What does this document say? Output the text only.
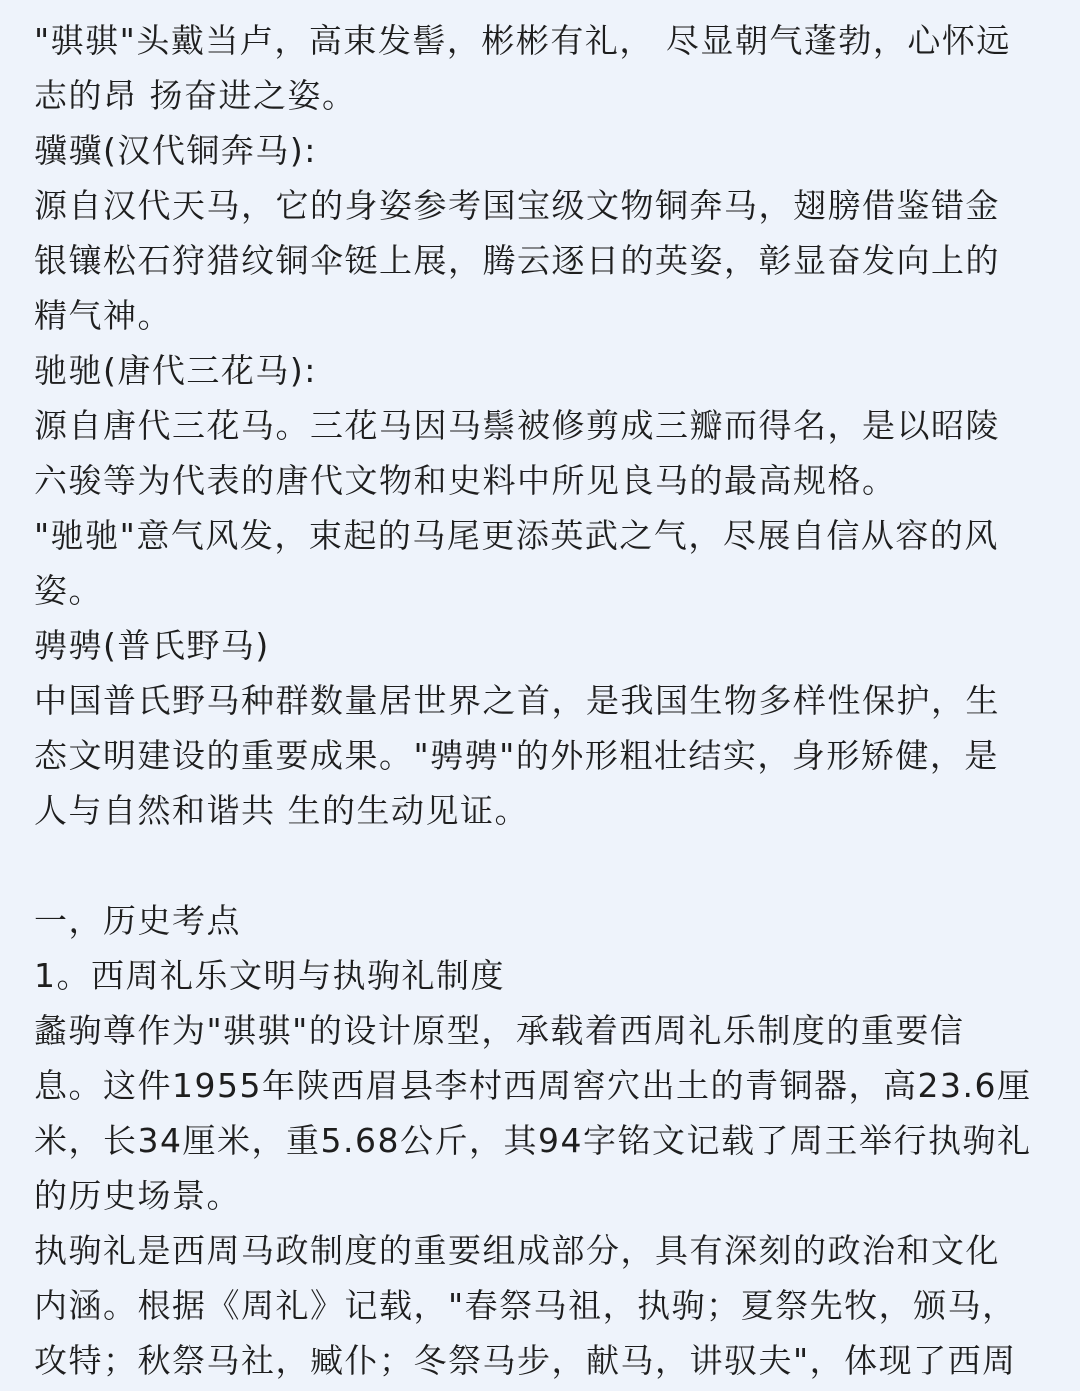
"骐骐"头戴当卢，高束发髻，彬彬有礼， 尽显朝气蓬勃，心怀远
志的昂 扬奋进之姿。
骥骥(汉代铜奔马):
源自汉代天马，它的身姿参考国宝级文物铜奔马，翅膀借鉴错金
银镶松石狩猎纹铜伞铤上展，腾云逐日的英姿，彰显奋发向上的
精气神。
驰驰(唐代三花马):
源自唐代三花马。三花马因马鬃被修剪成三瓣而得名，是以昭陵
六骏等为代表的唐代文物和史料中所见良马的最高规格。
"驰驰"意气风发，束起的马尾更添英武之气，尽展自信从容的风
姿。
骋骋(普氏野马)
中国普氏野马种群数量居世界之首，是我国生物多样性保护，生
态文明建设的重要成果。"骋骋"的外形粗壮结实，身形矫健，是
人与自然和谐共 生的生动见证。
一，历史考点
1。西周礼乐文明与执驹礼制度
蠡驹尊作为"骐骐"的设计原型，承载着西周礼乐制度的重要信
息。这件1955年陕西眉县李村西周窖穴出土的青铜器，高23.6厘
米，长34厘米，重5.68公斤，其94字铭文记载了周王举行执驹礼
的历史场景。
执驹礼是西周马政制度的重要组成部分，具有深刻的政治和文化
内涵。根据《周礼》记载，"春祭马祖，执驹；夏祭先牧，颁马，
攻特；秋祭马社，臧仆；冬祭马步，献马，讲驭夫"，体现了西周
